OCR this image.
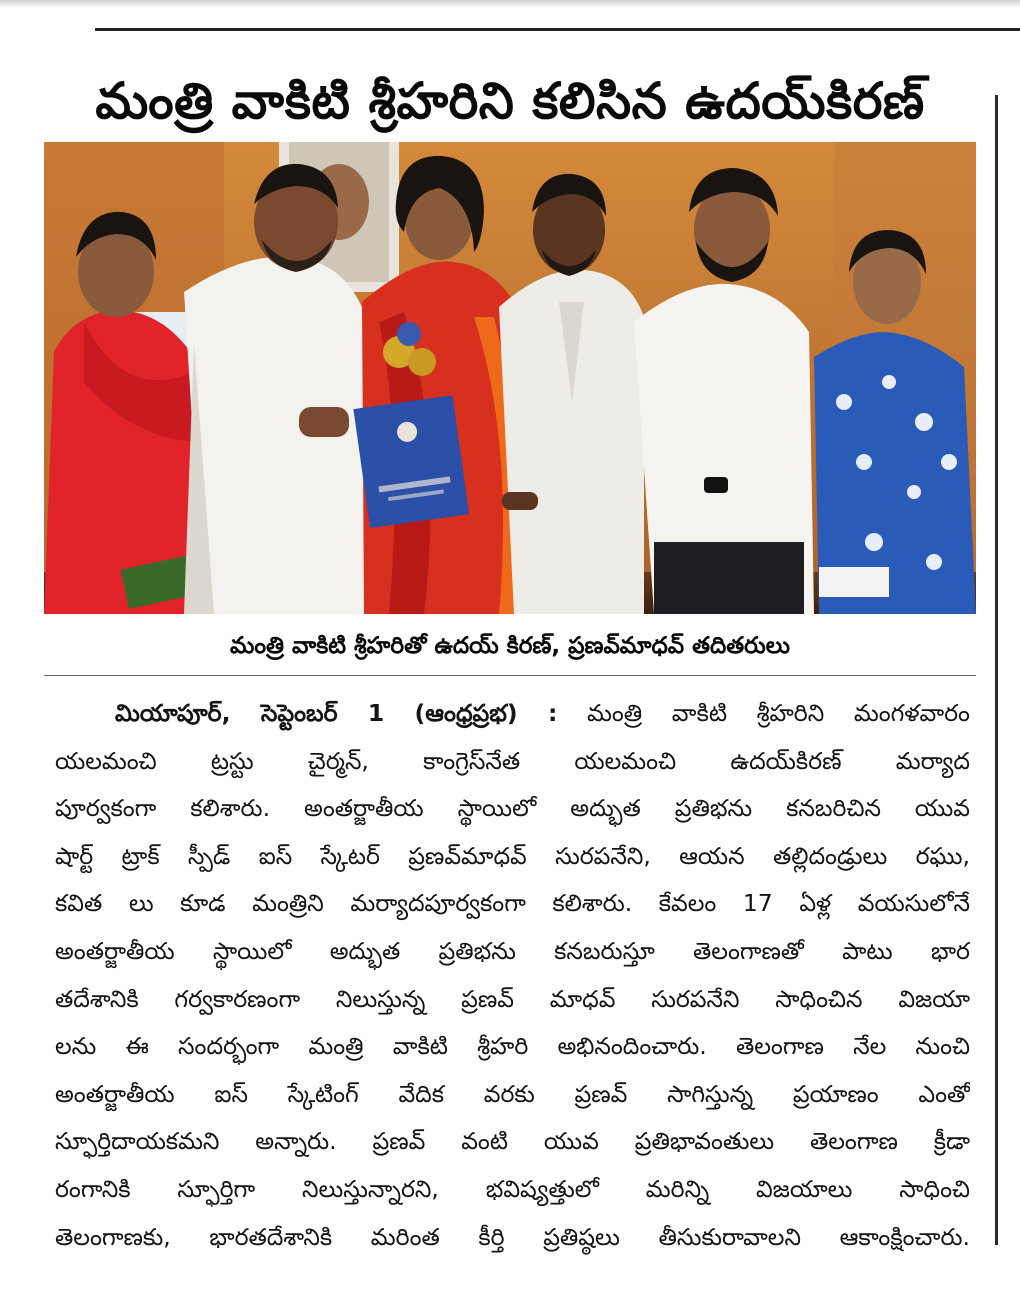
మంత్రి వాకిటి శ్రీహరిని కలిసిన ఉదయ్‌కిరణ్
మంత్రి వాకిటి శ్రీహరితో ఉదయ్ కిరణ్, ప్రణవ్‌మాధవ్ తదితరులు
మియాపూర్, సెప్టెంబర్ 1 (ఆంధ్రప్రభ) : మంత్రి వాకిటి శ్రీహరిని మంగళవారం
యలమంచి ట్రస్టు చైర్మన్, కాంగ్రెస్‌నేత యలమంచి ఉదయ్‌కిరణ్ మర్యాద
పూర్వకంగా కలిశారు. అంతర్జాతీయ స్థాయిలో అద్భుత ప్రతిభను కనబరిచిన యువ
షార్ట్ ట్రాక్ స్పీడ్ ఐస్ స్కేటర్ ప్రణవ్‌మాధవ్ సురపనేని, ఆయన తల్లిదండ్రులు రఘు,
కవిత లు కూడ మంత్రిని మర్యాదపూర్వకంగా కలిశారు. కేవలం 17 ఏళ్ల వయసులోనే
అంతర్జాతీయ స్థాయిలో అద్భుత ప్రతిభను కనబరుస్తూ తెలంగాణతో పాటు భార
తదేశానికి గర్వకారణంగా నిలుస్తున్న ప్రణవ్ మాధవ్ సురపనేని సాధించిన విజయా
లను ఈ సందర్భంగా మంత్రి వాకిటి శ్రీహరి అభినందించారు. తెలంగాణ నేల నుంచి
అంతర్జాతీయ ఐస్ స్కేటింగ్ వేదిక వరకు ప్రణవ్ సాగిస్తున్న ప్రయాణం ఎంతో
స్ఫూర్తిదాయకమని అన్నారు. ప్రణవ్ వంటి యువ ప్రతిభావంతులు తెలంగాణ క్రీడా
రంగానికి స్ఫూర్తిగా నిలుస్తున్నారని, భవిష్యత్తులో మరిన్ని విజయాలు సాధించి
తెలంగాణకు, భారతదేశానికి మరింత కీర్తి ప్రతిష్ఠలు తీసుకురావాలని ఆకాంక్షించారు.
